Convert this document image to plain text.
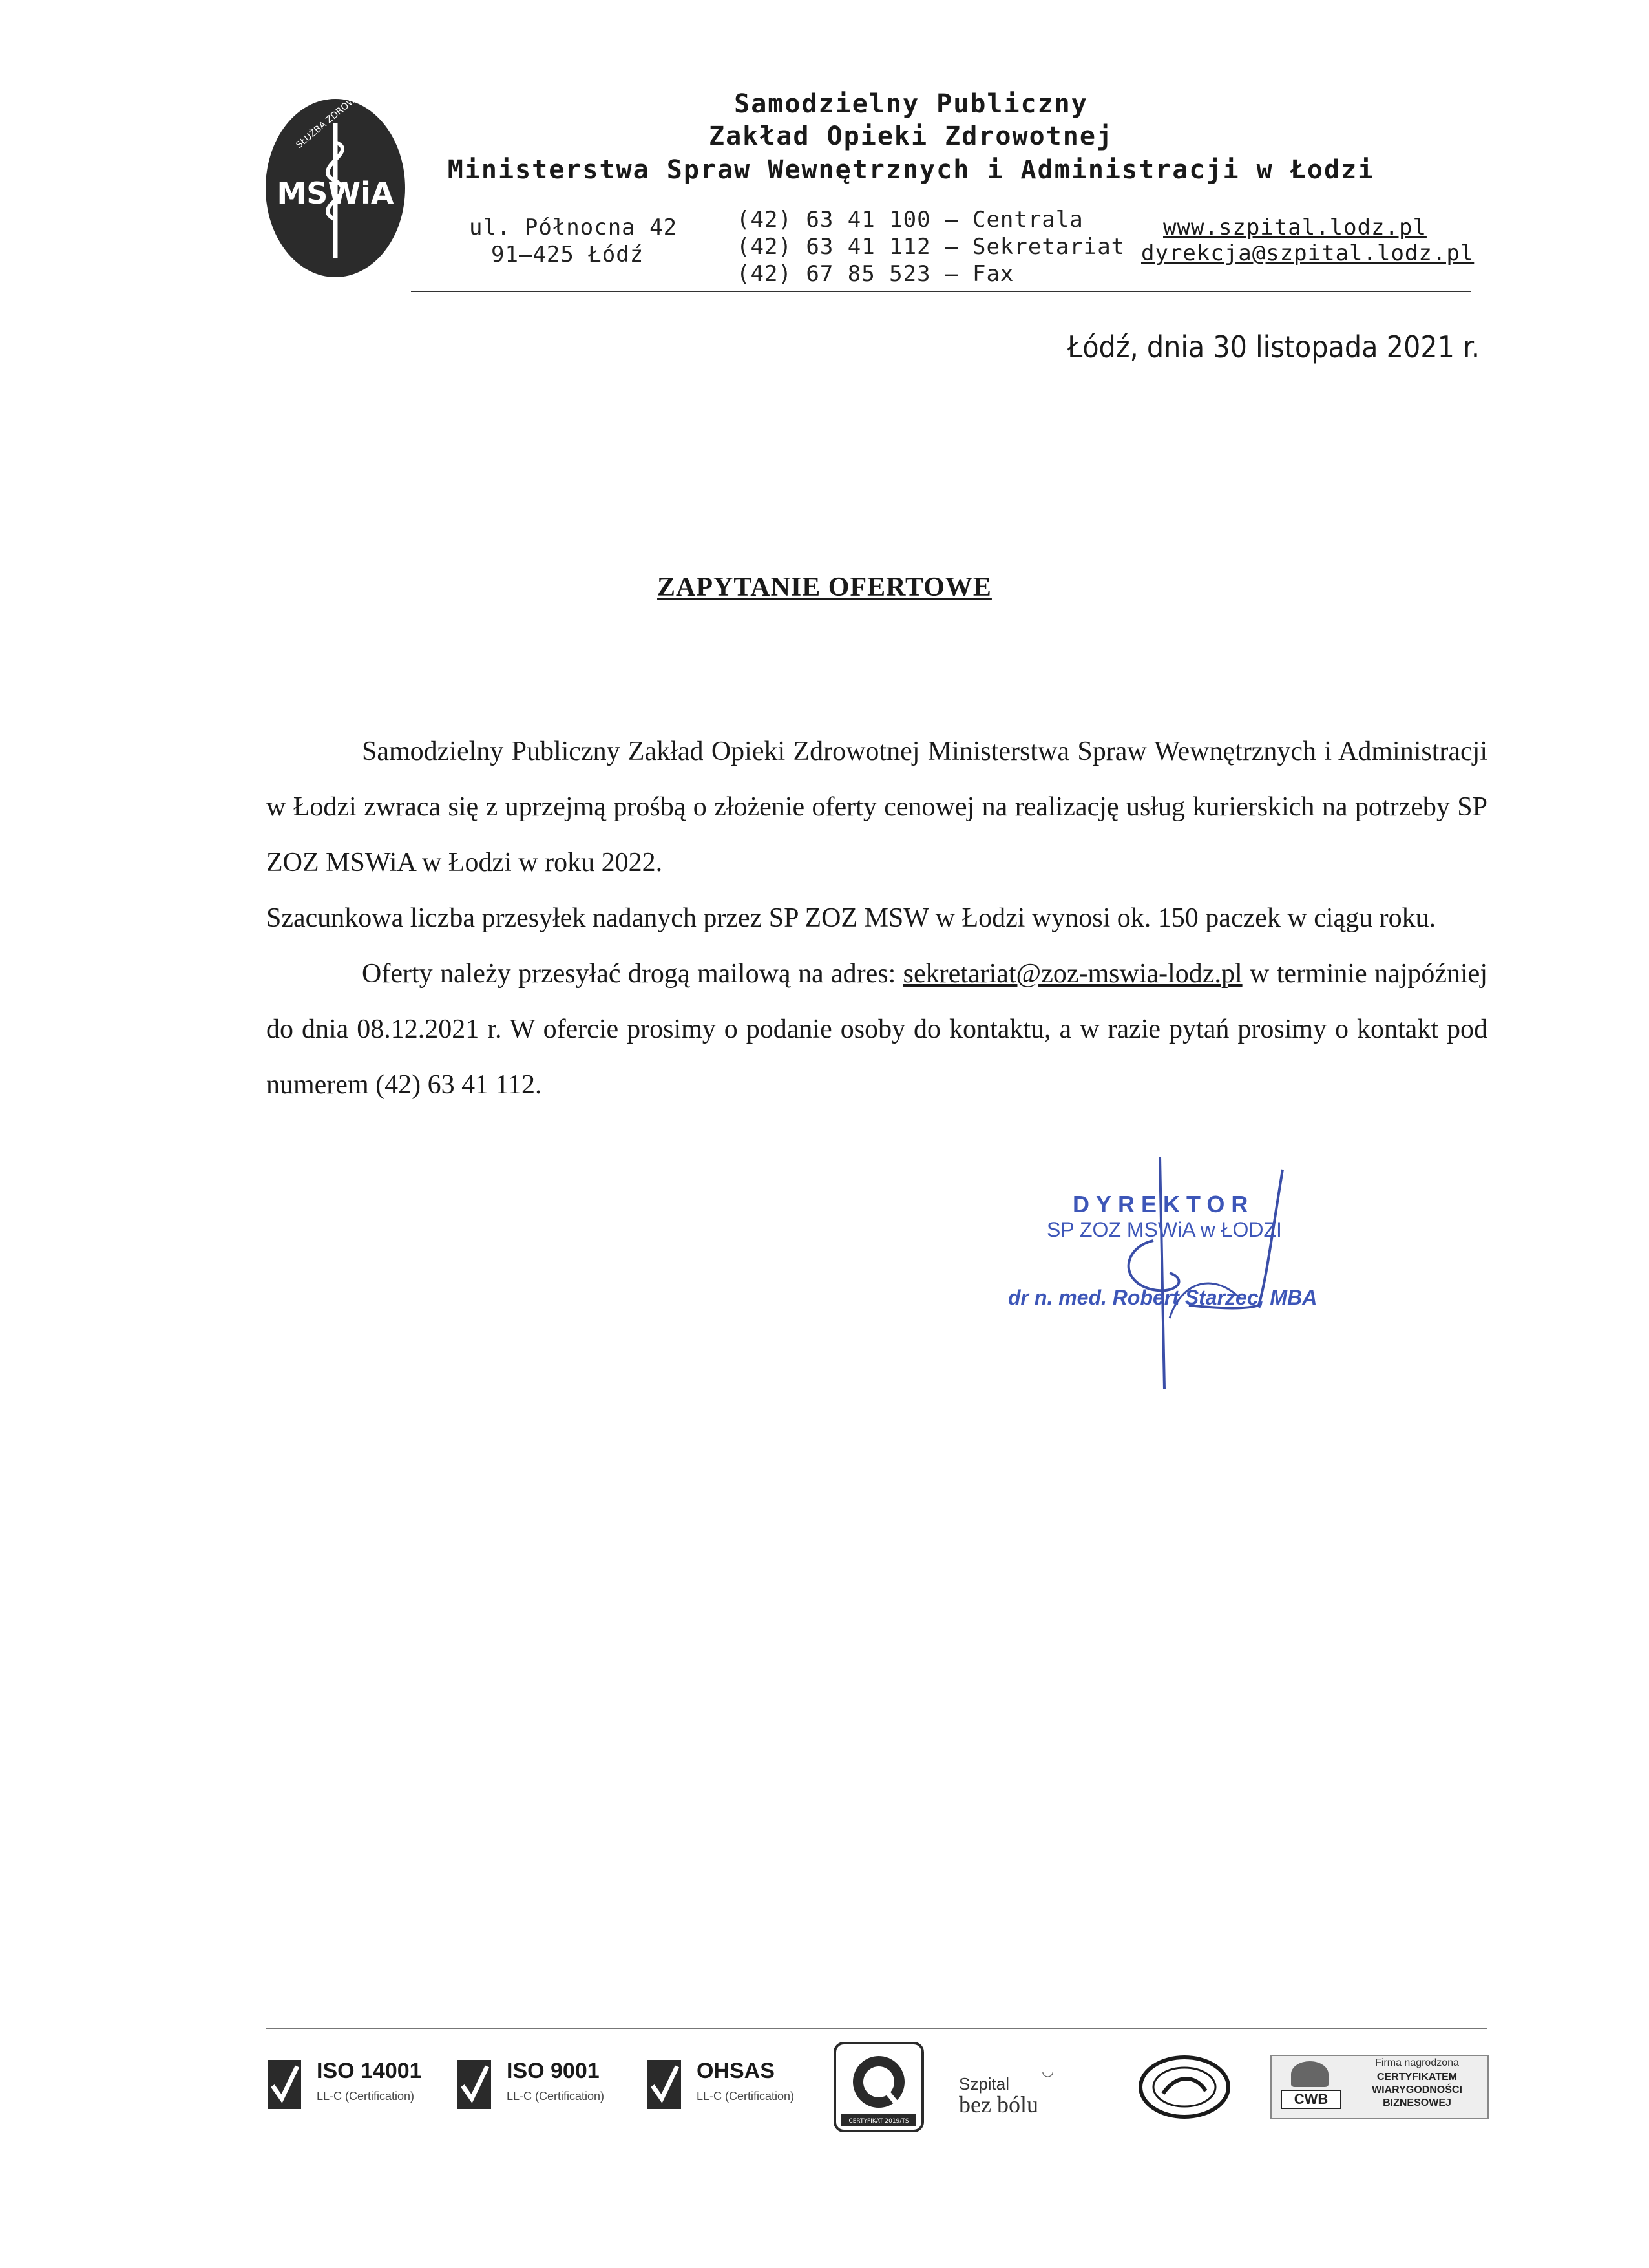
MSWiA
SŁUŻBA ZDROWIA	Samodzielny Publiczny
Zakład Opieki Zdrowotnej
Ministerstwa Spraw Wewnętrznych i Administracji w Łodzi
ul. Północna 42
91–425 Łódź
(42) 63 41 100 – Centrala
(42) 63 41 112 – Sekretariat
(42) 67 85 523 – Fax
www.szpital.lodz.pl
dyrekcja@szpital.lodz.pl
Łódź, dnia 30 listopada 2021 r.
ZAPYTANIE OFERTOWE

Samodzielny Publiczny Zakład Opieki Zdrowotnej Ministerstwa Spraw Wewnętrznych i Administracji w Łodzi zwraca się z uprzejmą prośbą o złożenie oferty cenowej na realizację usług kurierskich na potrzeby SP ZOZ MSWiA w Łodzi w roku 2022.

Szacunkowa liczba przesyłek nadanych przez SP ZOZ MSW w Łodzi wynosi ok. 150 paczek w ciągu roku.

Oferty należy przesyłać drogą mailową na adres: sekretariat@zoz-mswia-lodz.pl w terminie najpóźniej do dnia 08.12.2021 r. W ofercie prosimy o podanie osoby do kontaktu, a w razie pytań prosimy o kontakt pod numerem (42) 63 41 112.

DYREKTOR
SP ZOZ MSWiA w ŁODZI
dr n. med. Robert Starzec, MBA
ISO 14001
LL-C (Certification)
ISO 9001
LL-C (Certification)
OHSAS
LL-C (Certification)
CERTYFIKAT 2019/TS
Szpital
bez bólu
◡	Firma nagrodzona
CERTYFIKATEM
WIARYGODNOŚCI
BIZNESOWEJ
CWB
